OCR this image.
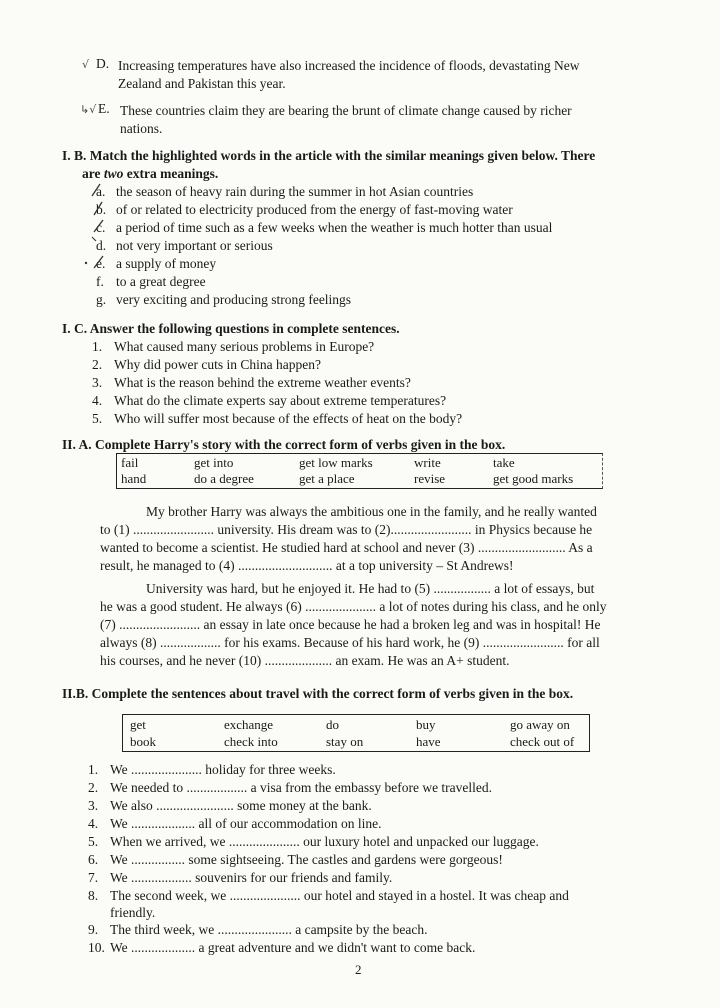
√ D. Increasing temperatures have also increased the incidence of floods, devastating New
Zealand and Pakistan this year.
↳√ E. These countries claim they are bearing the brunt of climate change caused by richer
nations.
I. B. Match the highlighted words in the article with the similar meanings given below. There
are two extra meanings.
a. the season of heavy rain during the summer in hot Asian countries
b. of or related to electricity produced from the energy of fast-moving water
c. a period of time such as a few weeks when the weather is much hotter than usual
d. not very important or serious
e. a supply of money
f. to a great degree
g. very exciting and producing strong feelings
I. C. Answer the following questions in complete sentences.
1. What caused many serious problems in Europe?
2. Why did power cuts in China happen?
3. What is the reason behind the extreme weather events?
4. What do the climate experts say about extreme temperatures?
5. Who will suffer most because of the effects of heat on the body?
II. A. Complete Harry's story with the correct form of verbs given in the box.
fail	get into	get low marks	write	take
hand	do a degree	get a place	revise	get good marks
My brother Harry was always the ambitious one in the family, and he really wanted
to (1) ........................ university. His dream was to (2)........................ in Physics because he
wanted to become a scientist. He studied hard at school and never (3) .......................... As a
result, he managed to (4) ............................ at a top university – St Andrews!
University was hard, but he enjoyed it. He had to (5) ................. a lot of essays, but
he was a good student. He always (6) ..................... a lot of notes during his class, and he only
(7) ........................ an essay in late once because he had a broken leg and was in hospital! He
always (8) .................. for his exams. Because of his hard work, he (9) ........................ for all
his courses, and he never (10) .................... an exam. He was an A+ student.
II.B. Complete the sentences about travel with the correct form of verbs given in the box.
get	exchange	do	buy	go away on
book	check into	stay on	have	check out of
1. We ..................... holiday for three weeks.
2. We needed to .................. a visa from the embassy before we travelled.
3. We also ....................... some money at the bank.
4. We ................... all of our accommodation on line.
5. When we arrived, we ..................... our luxury hotel and unpacked our luggage.
6. We ................ some sightseeing. The castles and gardens were gorgeous!
7. We .................. souvenirs for our friends and family.
8. The second week, we ..................... our hotel and stayed in a hostel. It was cheap and
friendly.
9. The third week, we ...................... a campsite by the beach.
10. We ................... a great adventure and we didn't want to come back.
2
